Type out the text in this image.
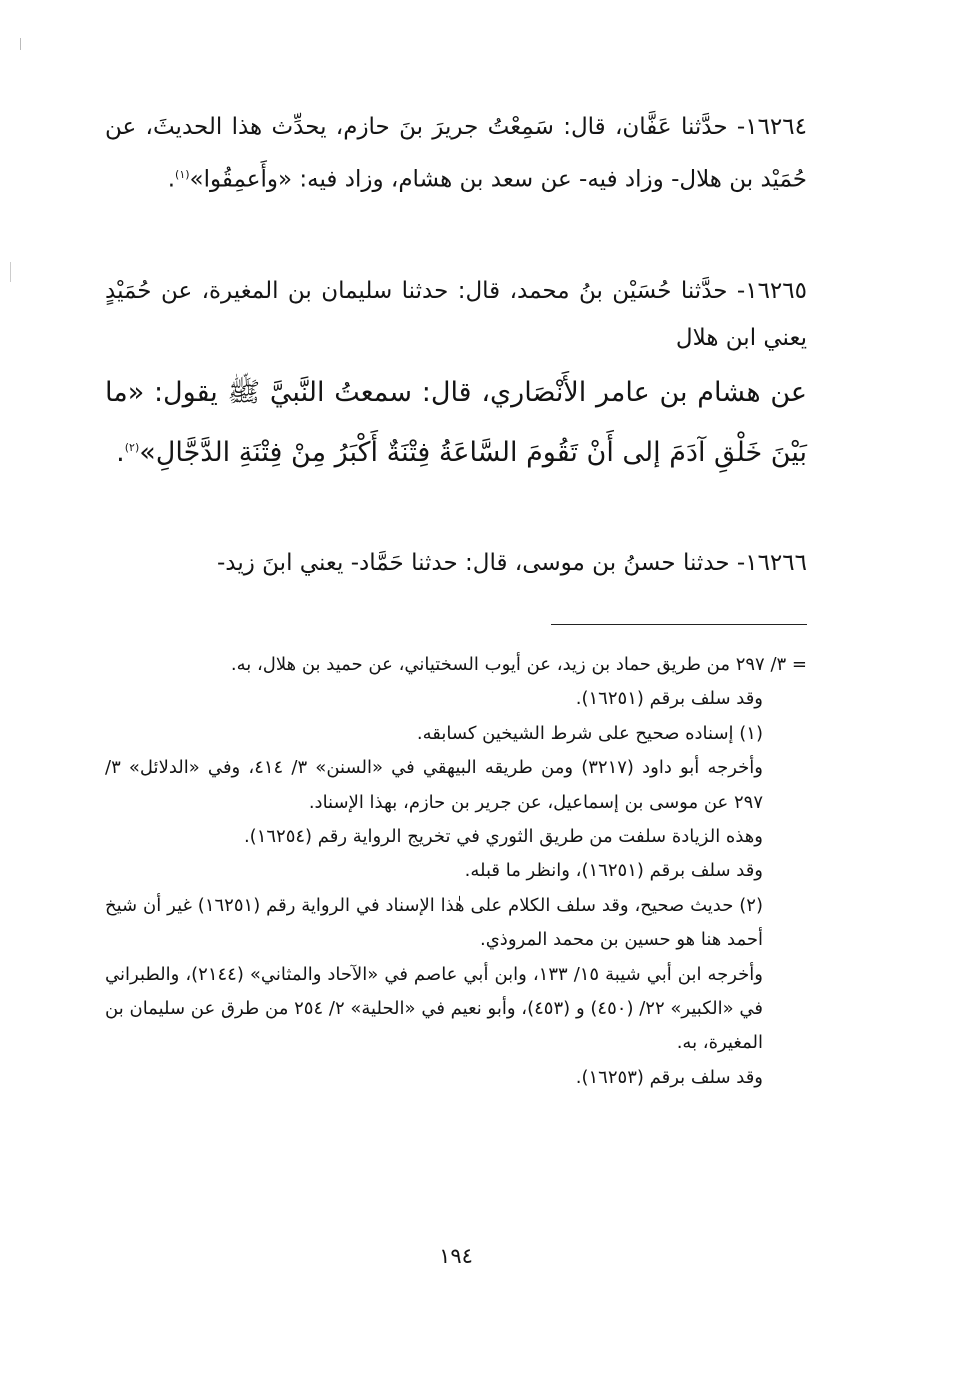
١٦٢٦٤- حدَّثنا عَفَّان، قال: سَمِعْتُ جريرَ بنَ حازم، يحدِّث هذا الحديثَ، عن حُمَيْد بن هلال- وزاد فيه- عن سعد بن هشام، وزاد فيه: «وأَعمِقُوا»$^{(١)}$.

١٦٢٦٥- حدَّثنا حُسَيْن بنُ محمد، قال: حدثنا سليمان بن المغيرة، عن حُمَيْدٍ يعني ابن هلال

عن هشام بن عامر الأَنْصَاري، قال: سمعتُ النَّبيَّ ﷺ يقول: «ما بَيْنَ خَلْقِ آدَمَ إلى أَنْ تَقُومَ السَّاعَةُ فِتْنَةٌ أَكْبَرُ مِنْ فِتْنَةِ الدَّجَّالِ»$^{(٢)}$.

١٦٢٦٦- حدثنا حسنُ بن موسى، قال: حدثنا حَمَّاد- يعني ابنَ زيد-

= ٣/ ٢٩٧ من طريق حماد بن زيد، عن أيوب السختياني، عن حميد بن هلال، به.

وقد سلف برقم (١٦٢٥١).

(١) إسناده صحيح على شرط الشيخين كسابقه.

وأخرجه أبو داود (٣٢١٧) ومن طريقه البيهقي في «السنن» ٣/ ٤١٤، وفي «الدلائل» ٣/ ٢٩٧ عن موسى بن إسماعيل، عن جرير بن حازم، بهذا الإسناد.

وهذه الزيادة سلفت من طريق الثوري في تخريج الرواية رقم (١٦٢٥٤).

وقد سلف برقم (١٦٢٥١)، وانظر ما قبله.

(٢) حديث صحيح، وقد سلف الكلام على هٰذا الإسناد في الرواية رقم (١٦٢٥١) غير أن شيخ أحمد هنا هو حسين بن محمد المروذي.

وأخرجه ابن أبي شيبة ١٥/ ١٣٣، وابن أبي عاصم في «الآحاد والمثاني» (٢١٤٤)، والطبراني في «الكبير» ٢٢/ (٤٥٠) و (٤٥٣)، وأبو نعيم في «الحلية» ٢/ ٢٥٤ من طرق عن سليمان بن المغيرة، به.

وقد سلف برقم (١٦٢٥٣).

١٩٤
